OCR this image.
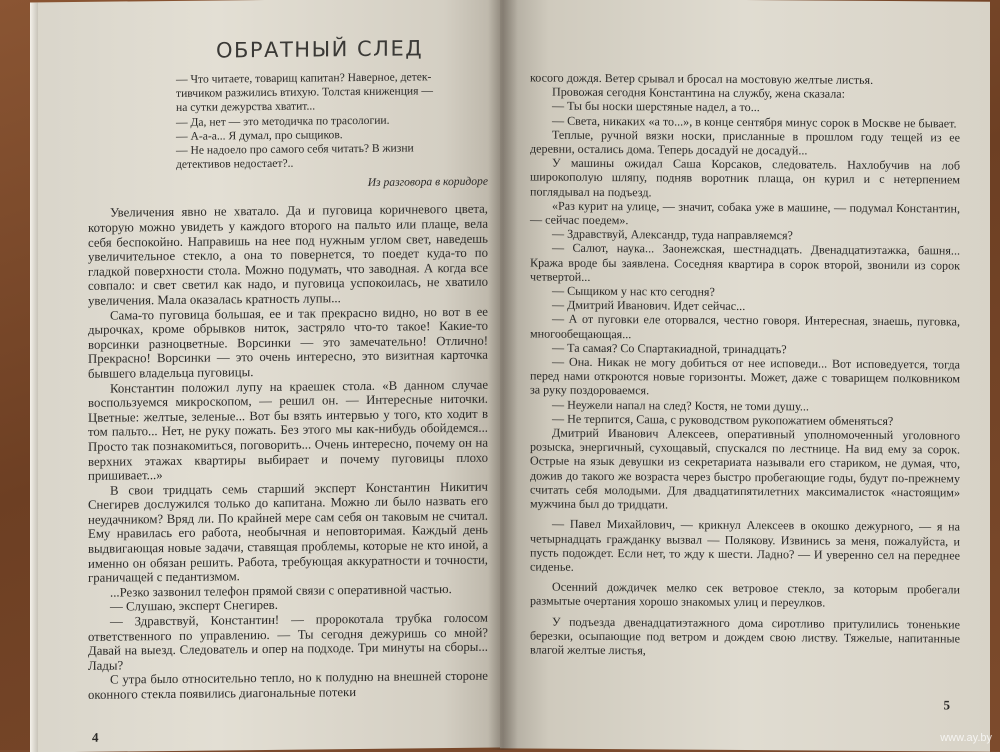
ОБРАТНЫЙ СЛЕД

— Что читаете, товарищ капитан? Наверное, детек-

тивчиком разжились втихую. Толстая книженция —

на сутки дежурства хватит...

— Да, нет — это методичка по трасологии.

— А-а-а... Я думал, про сыщиков.

— Не надоело про самого себя читать? В жизни

детективов недостает?..

Из разговора в коридоре

Увеличения явно не хватало. Да и пуговица коричневого цвета, которую можно увидеть у каждого второго на пальто или плаще, вела себя беспокойно. Направишь на нее под нужным углом свет, наведешь увеличительное стекло, а она то повернется, то поедет куда-то по гладкой поверхности стола. Можно подумать, что заводная. А когда все совпало: и свет светил как надо, и пуговица успокоилась, не хватило увеличения. Мала оказалась кратность лупы...

Сама-то пуговица большая, ее и так прекрасно видно, но вот в ее дырочках, кроме обрывков ниток, застряло что-то такое! Какие-то ворсинки разноцветные. Ворсинки — это замечательно! Отлично! Прекрасно! Ворсинки — это очень интересно, это визитная карточка бывшего владельца пуговицы.

Константин положил лупу на краешек стола. «В данном случае воспользуемся микроскопом, — решил он. — Интересные ниточки. Цветные: желтые, зеленые... Вот бы взять интервью у того, кто ходит в том пальто... Нет, не руку пожать. Без этого мы как-нибудь обойдемся... Просто так познакомиться, поговорить... Очень интересно, почему он на верхних этажах квартиры выбирает и почему пуговицы плохо пришивает...»

В свои тридцать семь старший эксперт Константин Никитич Снегирев дослужился только до капитана. Можно ли было назвать его неудачником? Вряд ли. По крайней мере сам себя он таковым не считал. Ему нравилась его работа, необычная и неповторимая. Каждый день выдвигающая новые задачи, ставящая проблемы, которые не кто иной, а именно он обязан решить. Работа, требующая аккуратности и точности, граничащей с педантизмом.

...Резко зазвонил телефон прямой связи с оперативной частью.

— Слушаю, эксперт Снегирев.

— Здравствуй, Константин! — пророкотала трубка голосом ответственного по управлению. — Ты сегодня дежуришь со мной? Давай на выезд. Следователь и опер на подходе. Три минуты на сборы... Лады?

С утра было относительно тепло, но к полудню на внешней стороне оконного стекла появились диагональные потеки

4

косого дождя. Ветер срывал и бросал на мостовую желтые листья.

Провожая сегодня Константина на службу, жена сказала:

— Ты бы носки шерстяные надел, а то...

— Света, никаких «а то...», в конце сентября минус сорок в Москве не бывает.

Теплые, ручной вязки носки, присланные в прошлом году тещей из ее деревни, остались дома. Теперь досадуй не досадуй...

У машины ожидал Саша Корсаков, следователь. Нахлобучив на лоб широкополую шляпу, подняв воротник плаща, он курил и с нетерпением поглядывал на подъезд.

«Раз курит на улице, — значит, собака уже в машине, — подумал Константин, — сейчас поедем».

— Здравствуй, Александр, туда направляемся?

— Салют, наука... Заонежская, шестнадцать. Двенадцатиэтажка, башня... Кража вроде бы заявлена. Соседняя квартира в сорок второй, звонили из сорок четвертой...

— Сыщиком у нас кто сегодня?

— Дмитрий Иванович. Идет сейчас...

— А от пуговки еле оторвался, честно говоря. Интересная, знаешь, пуговка, многообещающая...

— Та самая? Со Спартакиадной, тринадцать?

— Она. Никак не могу добиться от нее исповеди... Вот исповедуется, тогда перед нами откроются новые горизонты. Может, даже с товарищем полковником за руку поздороваемся.

— Неужели напал на след? Костя, не томи душу...

— Не терпится, Саша, с руководством рукопожатием обменяться?

Дмитрий Иванович Алексеев, оперативный уполномоченный уголовного розыска, энергичный, сухощавый, спускался по лестнице. На вид ему за сорок. Острые на язык девушки из секретариата называли его стариком, не думая, что, дожив до такого же возраста через быстро пробегающие годы, будут по-прежнему считать себя молодыми. Для двадцатипятилетних максималисток «настоящим» мужчина был до тридцати.

— Павел Михайлович, — крикнул Алексеев в окошко дежурного, — я на четырнадцать гражданку вызвал — Полякову. Извинись за меня, пожалуйста, и пусть подождет. Если нет, то жду к шести. Ладно? — И уверенно сел на переднее сиденье.

Осенний дождичек мелко сек ветровое стекло, за которым пробегали размытые очертания хорошо знакомых улиц и переулков.

У подъезда двенадцатиэтажного дома сиротливо притулились тоненькие березки, осыпающие под ветром и дождем свою листву. Тяжелые, напитанные влагой желтые листья,

5
www.ay.by
